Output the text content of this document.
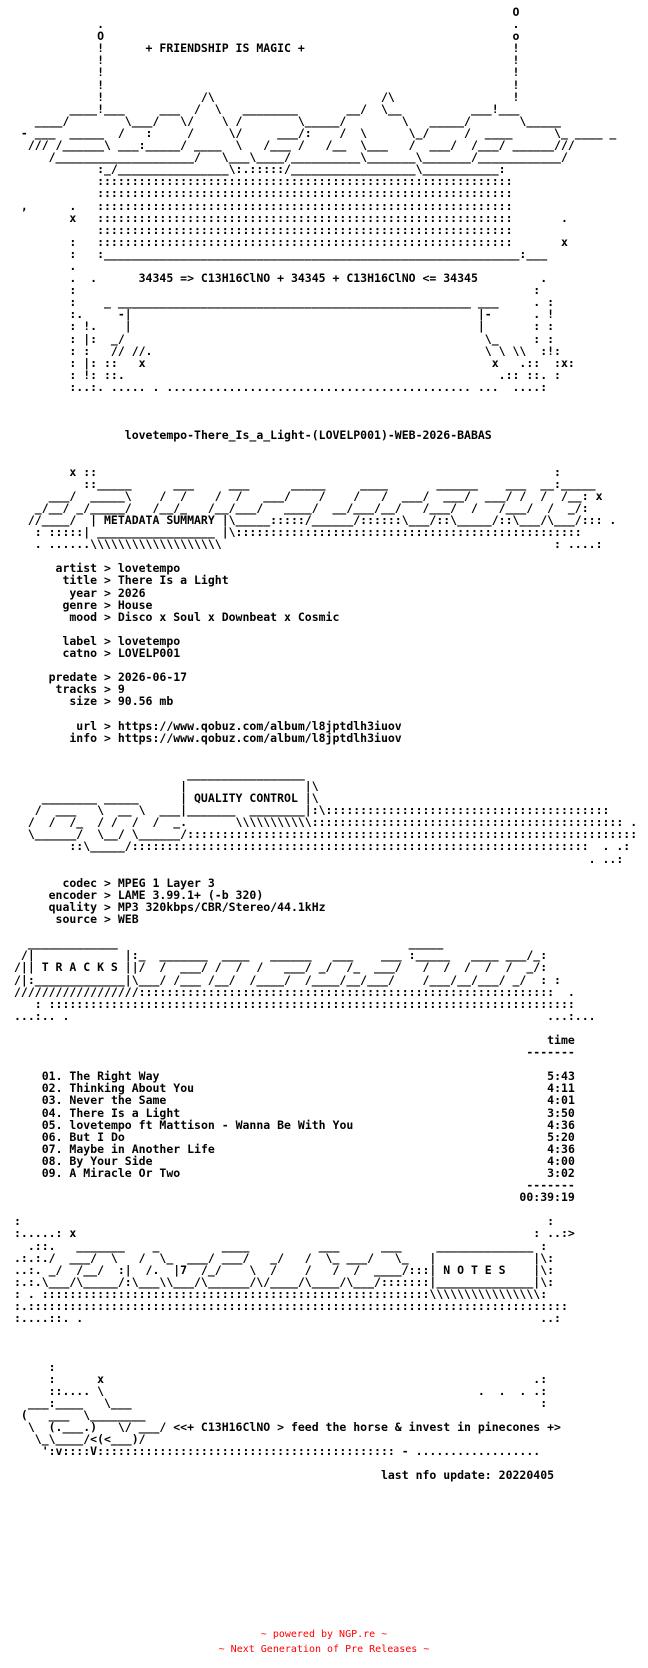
O
.                                                           .
O                                                           o
!      + FRIENDSHIP IS MAGIC +                              !
!                                                           !
!                                                           !
!                                                           !
!              /\                        /\                 !
____!___     ___  /  \   ________       __/  \__          ___!___
____/        \___/   \/    \ /        \_____/        \   _____/       \_____
- ___  _____  /   :     /     \/     ___/:    /  \      \_/     /  ____      \_ ____ _
/// /______\ ___:_____/ ____  \   /___ /   /__  \___   /  ___/  /___/ ______///
/____________________/   \___\____/__________\_______\_______/____________/
:_/________________\:.:::::/__________________\___________:
::::::::::::::::::::::::::::::::::::::::::::::::::::::::::::
::::::::::::::::::::::::::::::::::::::::::::::::::::::::::::
,      .   ::::::::::::::::::::::::::::::::::::::::::::::::::::::::::::
x   ::::::::::::::::::::::::::::::::::::::::::::::::::::::::::::       .
::::::::::::::::::::::::::::::::::::::::::::::::::::::::::::
:   ::::::::::::::::::::::::::::::::::::::::::::::::::::::::::::       x
:   :____________________________________________________________:___
.
.  .      34345 => C13H16ClNO + 34345 + C13H16ClNO <= 34345         .
:                                                                  :
:    _ ___________________________________________________ ___     . :
:.     -|                                                  |-      . !
: !.    |                                                  |       : :
: |:  _/                                                    \_     : :
: :   // //.                                                \ \ \\  :!:
: |: ::   x                                                  x   .::  :x:
: !: ::.                                                      .:: ::. :
:..:. ..... . ............................................ ...  ....:

lovetempo-There_Is_a_Light-(LOVELP001)-WEB-2026-BABAS

x ::                                                                  :
::_____      ___     ___      _____     ____       ______    ___  __:_____
___/  _____\    /  /    /  /   ___/    /    /   /  ___/  ___/  ___/ /  /  /__: x
_/__/ _/_____/   /__/_   /__/___/   ____/  __/___/__/   /___/  /   /___/  /  _/:
//____/  | METADATA SUMMARY |\_____:::::/______/::::::\___/::\_____/::\___/\___/::: .
: :::::| _________________ |\::::::::::::::::::::::::::::::::::::::::::::::::::
. ......\\\\\\\\\\\\\\\\\\\                                                : ....:

artist > lovetempo
title > There Is a Light
year > 2026
genre > House
mood > Disco x Soul x Downbeat x Cosmic

label > lovetempo
catno > LOVELP001

predate > 2026-06-17
tracks > 9
size > 90.56 mb

url > https://www.qobuz.com/album/l8jptdlh3iuov
info > https://www.qobuz.com/album/l8jptdlh3iuov

_________________
|                 |\
________ _____      | QUALITY CONTROL |\
/  ___   \  __ \  ___|_______  ________|:\:::::::::::::::::::::::::::::::::::::::::
/  /  /_  / /  /  /  _.       \\\\\\\\\\\::::::::::::::::::::::::::::::::::::::::::::: .
\______/  \__/ \______/:::::::::::::::::::::::::::::::::::::::::::::::::::::::::::::::::
::\_____/::::::::::::::::::::::::::::::::::::::::::::::::::::::::::::::::::  . .:
. ..:

codec > MPEG 1 Layer 3
encoder > LAME 3.99.1+ (-b 320)
quality > MP3 320kbps/CBR/Stereo/44.1kHz
source > WEB

_____________                                          _____
/|             |:_  _______  ____   ______   ___    ___ :_____   ____ ___/_:
/|| T R A C K S ||/  /  ___/ /  /  /   ___/ _/  /_  ___/   /  /  /  /  /  _/:
/|:_____________|\___/ /___ /__/  /____/  /____/__/___/    /___/__/___/ _/  : :
//////////////////::::::::::::::::::::::::::::::::::::::::::::::::::::::::::::  .
: ::::::::::::::::::::::::::::::::::::::::::::::::::::::::::::::::::::::::::::
...:.. .                                                                     ...:...

time
-------

01. The Right Way	5:43
02. Thinking About You	4:11
03. Never the Same	4:01
04. There Is a Light	3:50
05. lovetempo ft Mattison - Wanna Be With You	4:36
06. But I Do	5:20
07. Maybe in Another Life	4:36
08. By Your Side	4:00
09. A Miracle Or Two	3:02
-------
00:39:19

:                                                                            :
:.....: x                                                                  : ..:>
.::.   _______    _         ____          ___      ___     ______________ :
.:.:./  ___/  \   /  \_  ___/ ___/   _/   /  \_ ___/   \_   |              |\:
..:. _/  /__/  :|  /.  |7  /_/    \  /    /   /  /  ____/:::| N O T E S    |\:
:.:.\___/\_____/:\___\\___/\______/\/____/\____/\___/:::::::|______________|\:
: . ::::::::::::::::::::::::::::::::::::::::::::::::::::::::\\\\\\\\\\\\\\\\:
:.::::::::::::::::::::::::::::::::::::::::::::::::::::::::::::::::::::::::::::::
:....::. .                                                                  ..:

:
:      x                                                              .:
::.... \                                                      .  .  . .:
___:____   \___                                                           :
(   ___  \________
\  (.___.)   \/ ___/ <<+ C13H16ClNO > feed the horse & invest in pinecones +>
\_\____/<(<___)/
':v::::V::::::::::::::::::::::::::::::::::::::::::: - ..................

last nfo update: 20220405
~ powered by NGP.re ~
~ Next Generation of Pre Releases ~
